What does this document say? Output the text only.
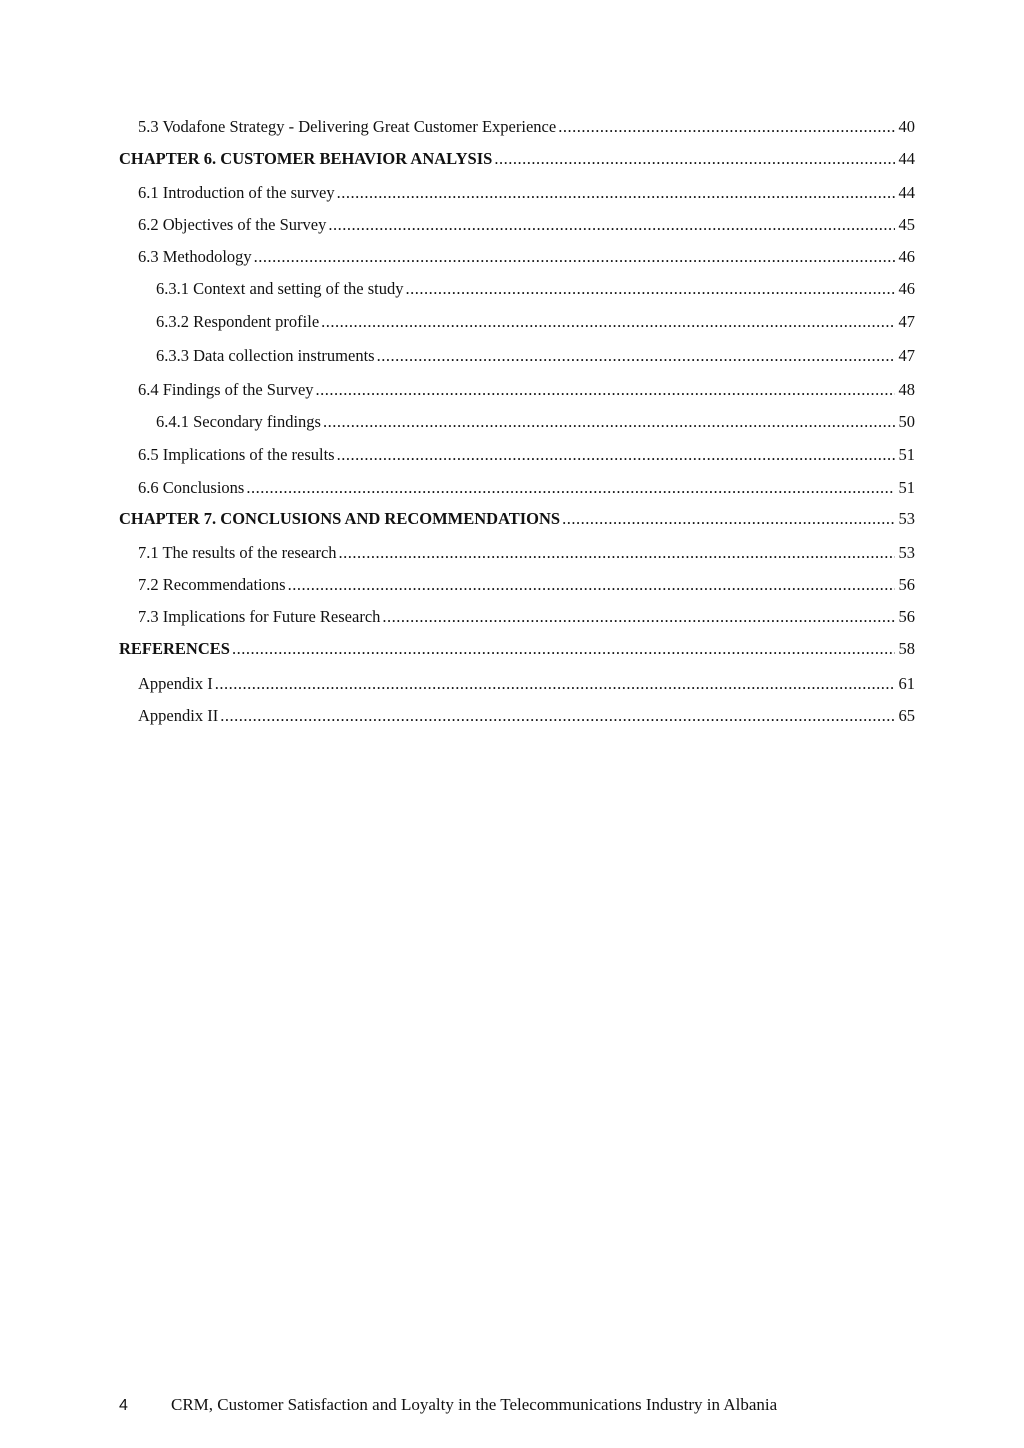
5.3 Vodafone Strategy - Delivering Great Customer Experience .....	40
CHAPTER 6. CUSTOMER BEHAVIOR ANALYSIS .....	44
6.1 Introduction of the survey .....	44
6.2 Objectives of the Survey .....	45
6.3 Methodology .....	46
6.3.1 Context and setting of the study .....	46
6.3.2 Respondent profile .....	47
6.3.3 Data collection instruments .....	47
6.4 Findings of the Survey .....	48
6.4.1 Secondary findings .....	50
6.5 Implications of the results .....	51
6.6 Conclusions .....	51
CHAPTER 7. CONCLUSIONS AND RECOMMENDATIONS .....	53
7.1 The results of the research .....	53
7.2 Recommendations .....	56
7.3 Implications for Future Research .....	56
REFERENCES .....	58
Appendix I .....	61
Appendix II .....	65
4	CRM, Customer Satisfaction and Loyalty in the Telecommunications Industry in Albania
